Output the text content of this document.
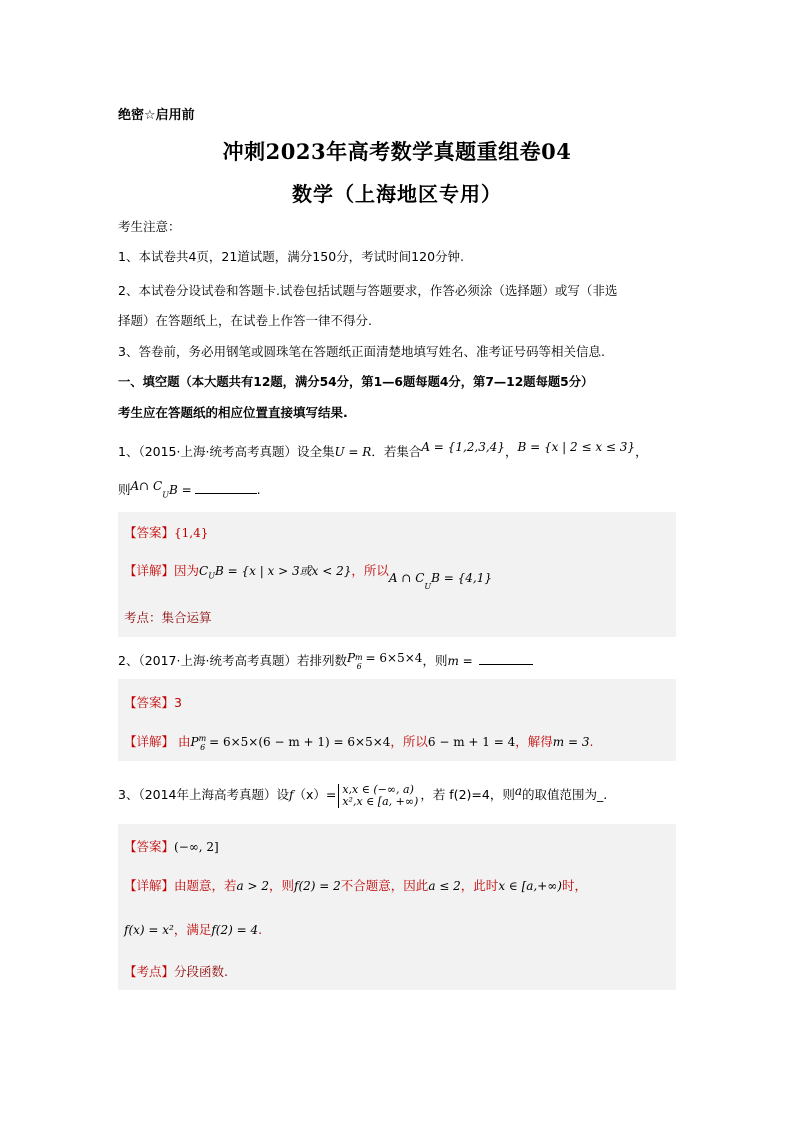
绝密☆启用前
冲刺2023年高考数学真题重组卷04
数学（上海地区专用）
考生注意：
1、本试卷共4页，21道试题，满分150分，考试时间120分钟.
2、本试卷分设试卷和答题卡.试卷包括试题与答题要求，作答必须涂（选择题）或写（非选
择题）在答题纸上，在试卷上作答一律不得分.
3、答卷前，务必用钢笔或圆珠笔在答题纸正面清楚地填写姓名、准考证号码等相关信息.
一、填空题（本大题共有12题，满分54分，第1—6题每题4分，第7—12题每题5分）
考生应在答题纸的相应位置直接填写结果.
1、（2015·上海·统考高考真题）设全集U = R．若集合A = {1,2,3,4}，B = {x | 2 ≤ x ≤ 3}，
则A∩ $C_UB$ =	.
【答案】{1,4}
【详解】因为$C_UB = \{x$ | x > 3或x < 2}，所以A ∩ $C_UB = \{4,1\}$
考点：集合运算
2、（2017·上海·统考高考真题）若排列数$P^m_6 = 6\times 5\times 4$，则m =
【答案】3
【详解】 由$P^m_6 = 6\times 5\times(6 - m + 1) = 6\times 5\times 4$，所以6 − m + 1 = 4，解得m = 3.
3、（2014年上海高考真题）设f（x）= x,x ∈ (−∞, a)
x²,x ∈ [a, +∞) ，若 f(2)=4，则a的取值范围为_.
【答案】(−∞, 2]
【详解】由题意，若a > 2，则f(2) = 2不合题意，因此a ≤ 2，此时x ∈ [a,+∞)时，
f(x) = x²，满足f(2) = 4.
【考点】分段函数.
